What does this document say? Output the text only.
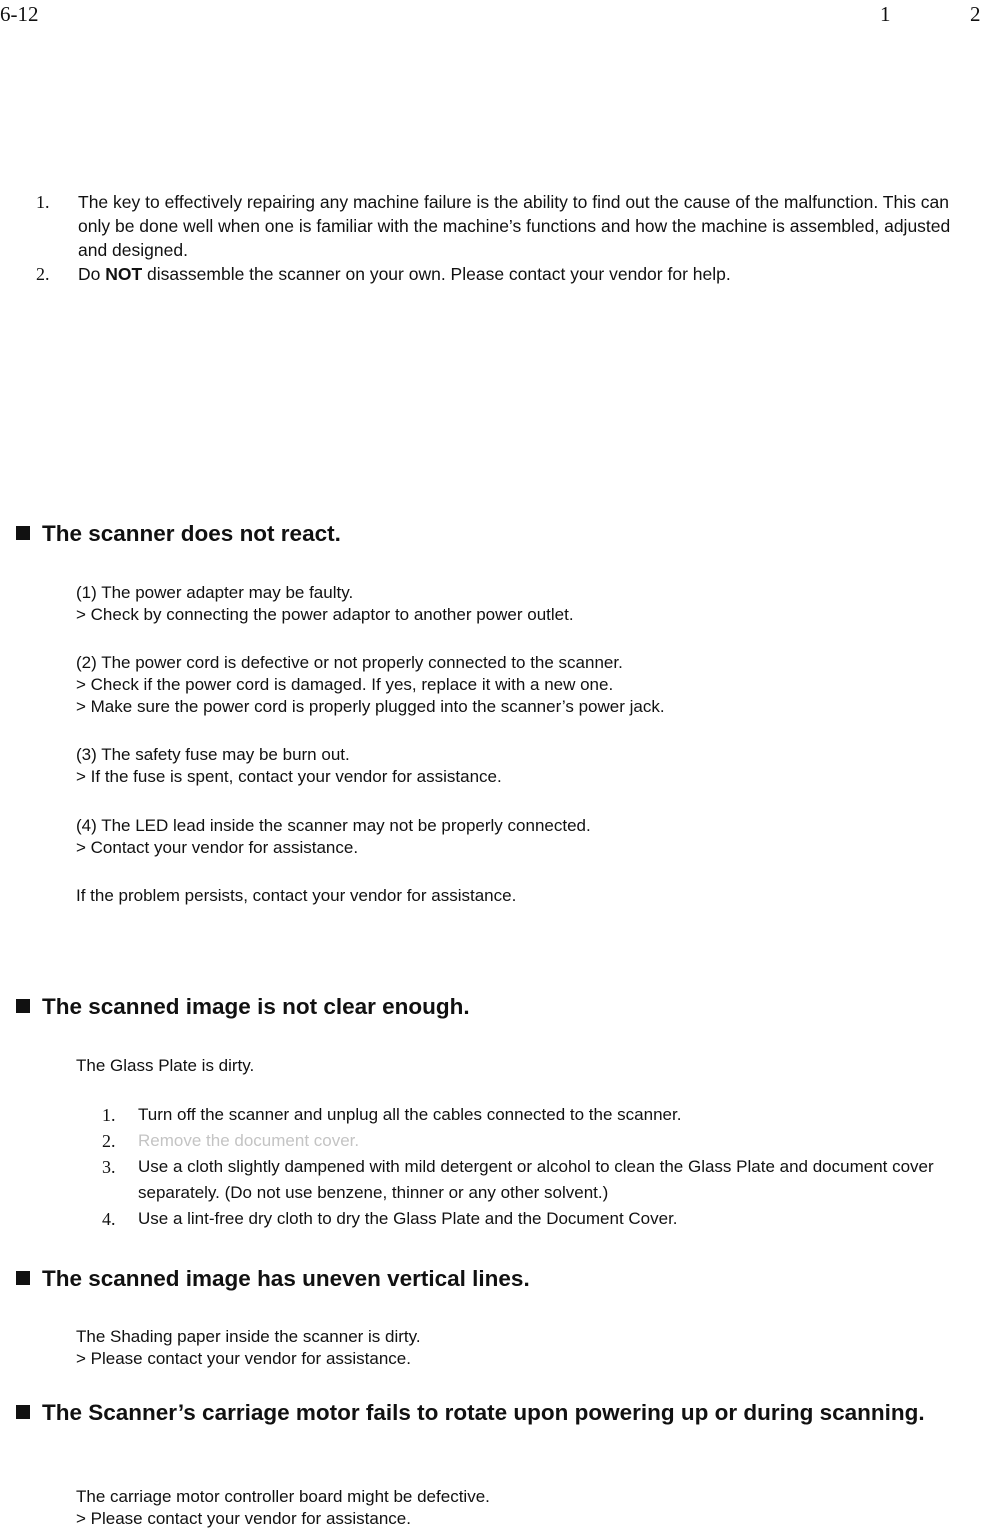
6-12	1	2
1. The key to effectively repairing any machine failure is the ability to find out the cause of the malfunction. This can only be done well when one is familiar with the machine’s functions and how the machine is assembled, adjusted and designed.
2. Do NOT disassemble the scanner on your own. Please contact your vendor for help.
The scanner does not react.

(1) The power adapter may be faulty.

> Check by connecting the power adaptor to another power outlet.

(2) The power cord is defective or not properly connected to the scanner.

> Check if the power cord is damaged. If yes, replace it with a new one.

> Make sure the power cord is properly plugged into the scanner’s power jack.

(3) The safety fuse may be burn out.

> If the fuse is spent, contact your vendor for assistance.

(4) The LED lead inside the scanner may not be properly connected.

> Contact your vendor for assistance.

If the problem persists, contact your vendor for assistance.

The scanned image is not clear enough.

The Glass Plate is dirty.

1. Turn off the scanner and unplug all the cables connected to the scanner.
2. Remove the document cover.
3. Use a cloth slightly dampened with mild detergent or alcohol to clean the Glass Plate and document cover separately. (Do not use benzene, thinner or any other solvent.)
4. Use a lint-free dry cloth to dry the Glass Plate and the Document Cover.
The scanned image has uneven vertical lines.

The Shading paper inside the scanner is dirty.

> Please contact your vendor for assistance.

The Scanner’s carriage motor fails to rotate upon powering up or during scanning.

The carriage motor controller board might be defective.

> Please contact your vendor for assistance.
